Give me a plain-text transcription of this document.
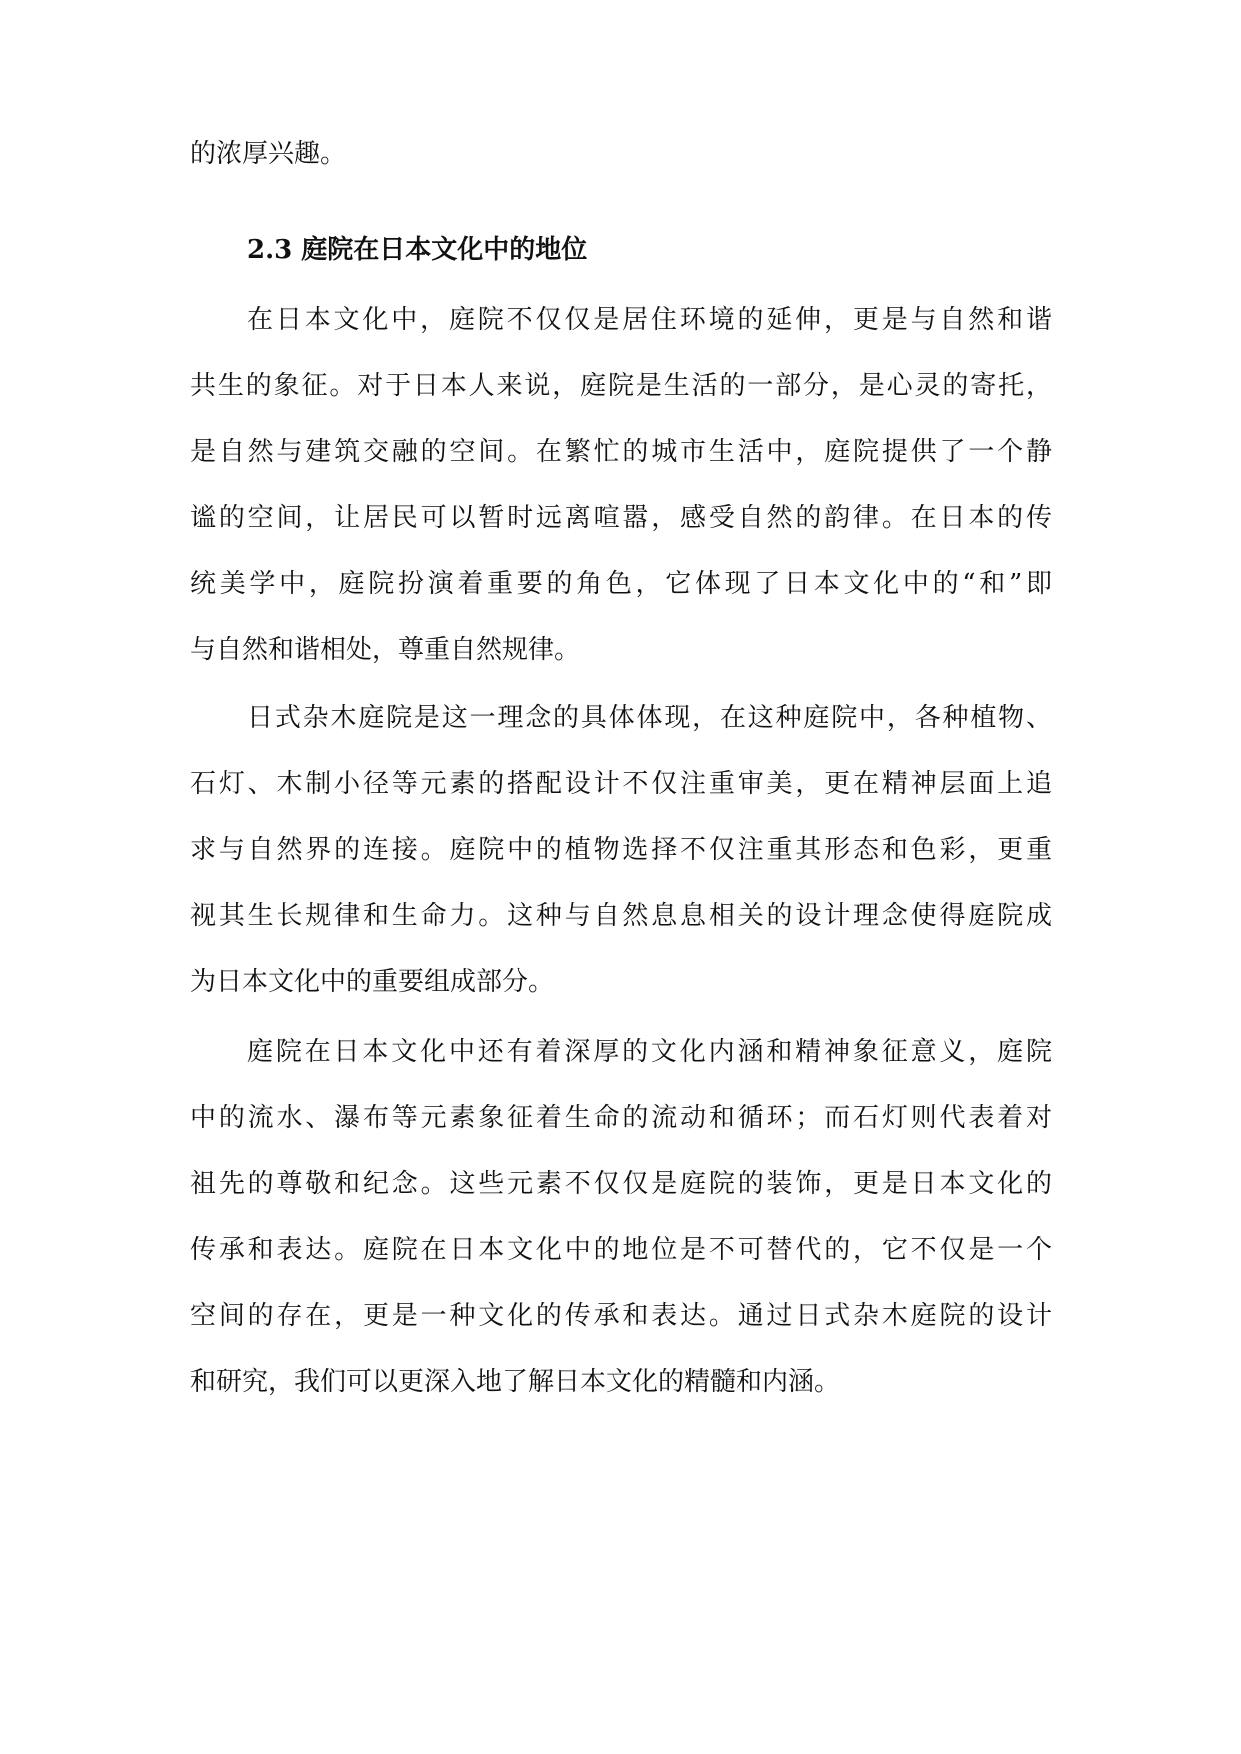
的浓厚兴趣。

2.3 庭院在日本文化中的地位

在日本文化中，庭院不仅仅是居住环境的延伸，更是与自然和谐

共生的象征。对于日本人来说，庭院是生活的一部分，是心灵的寄托，

是自然与建筑交融的空间。在繁忙的城市生活中，庭院提供了一个静

谧的空间，让居民可以暂时远离喧嚣，感受自然的韵律。在日本的传

统美学中，庭院扮演着重要的角色，它体现了日本文化中的“和”即

与自然和谐相处，尊重自然规律。

日式杂木庭院是这一理念的具体体现，在这种庭院中，各种植物、

石灯、木制小径等元素的搭配设计不仅注重审美，更在精神层面上追

求与自然界的连接。庭院中的植物选择不仅注重其形态和色彩，更重

视其生长规律和生命力。这种与自然息息相关的设计理念使得庭院成

为日本文化中的重要组成部分。

庭院在日本文化中还有着深厚的文化内涵和精神象征意义，庭院

中的流水、瀑布等元素象征着生命的流动和循环；而石灯则代表着对

祖先的尊敬和纪念。这些元素不仅仅是庭院的装饰，更是日本文化的

传承和表达。庭院在日本文化中的地位是不可替代的，它不仅是一个

空间的存在，更是一种文化的传承和表达。通过日式杂木庭院的设计

和研究，我们可以更深入地了解日本文化的精髓和内涵。
